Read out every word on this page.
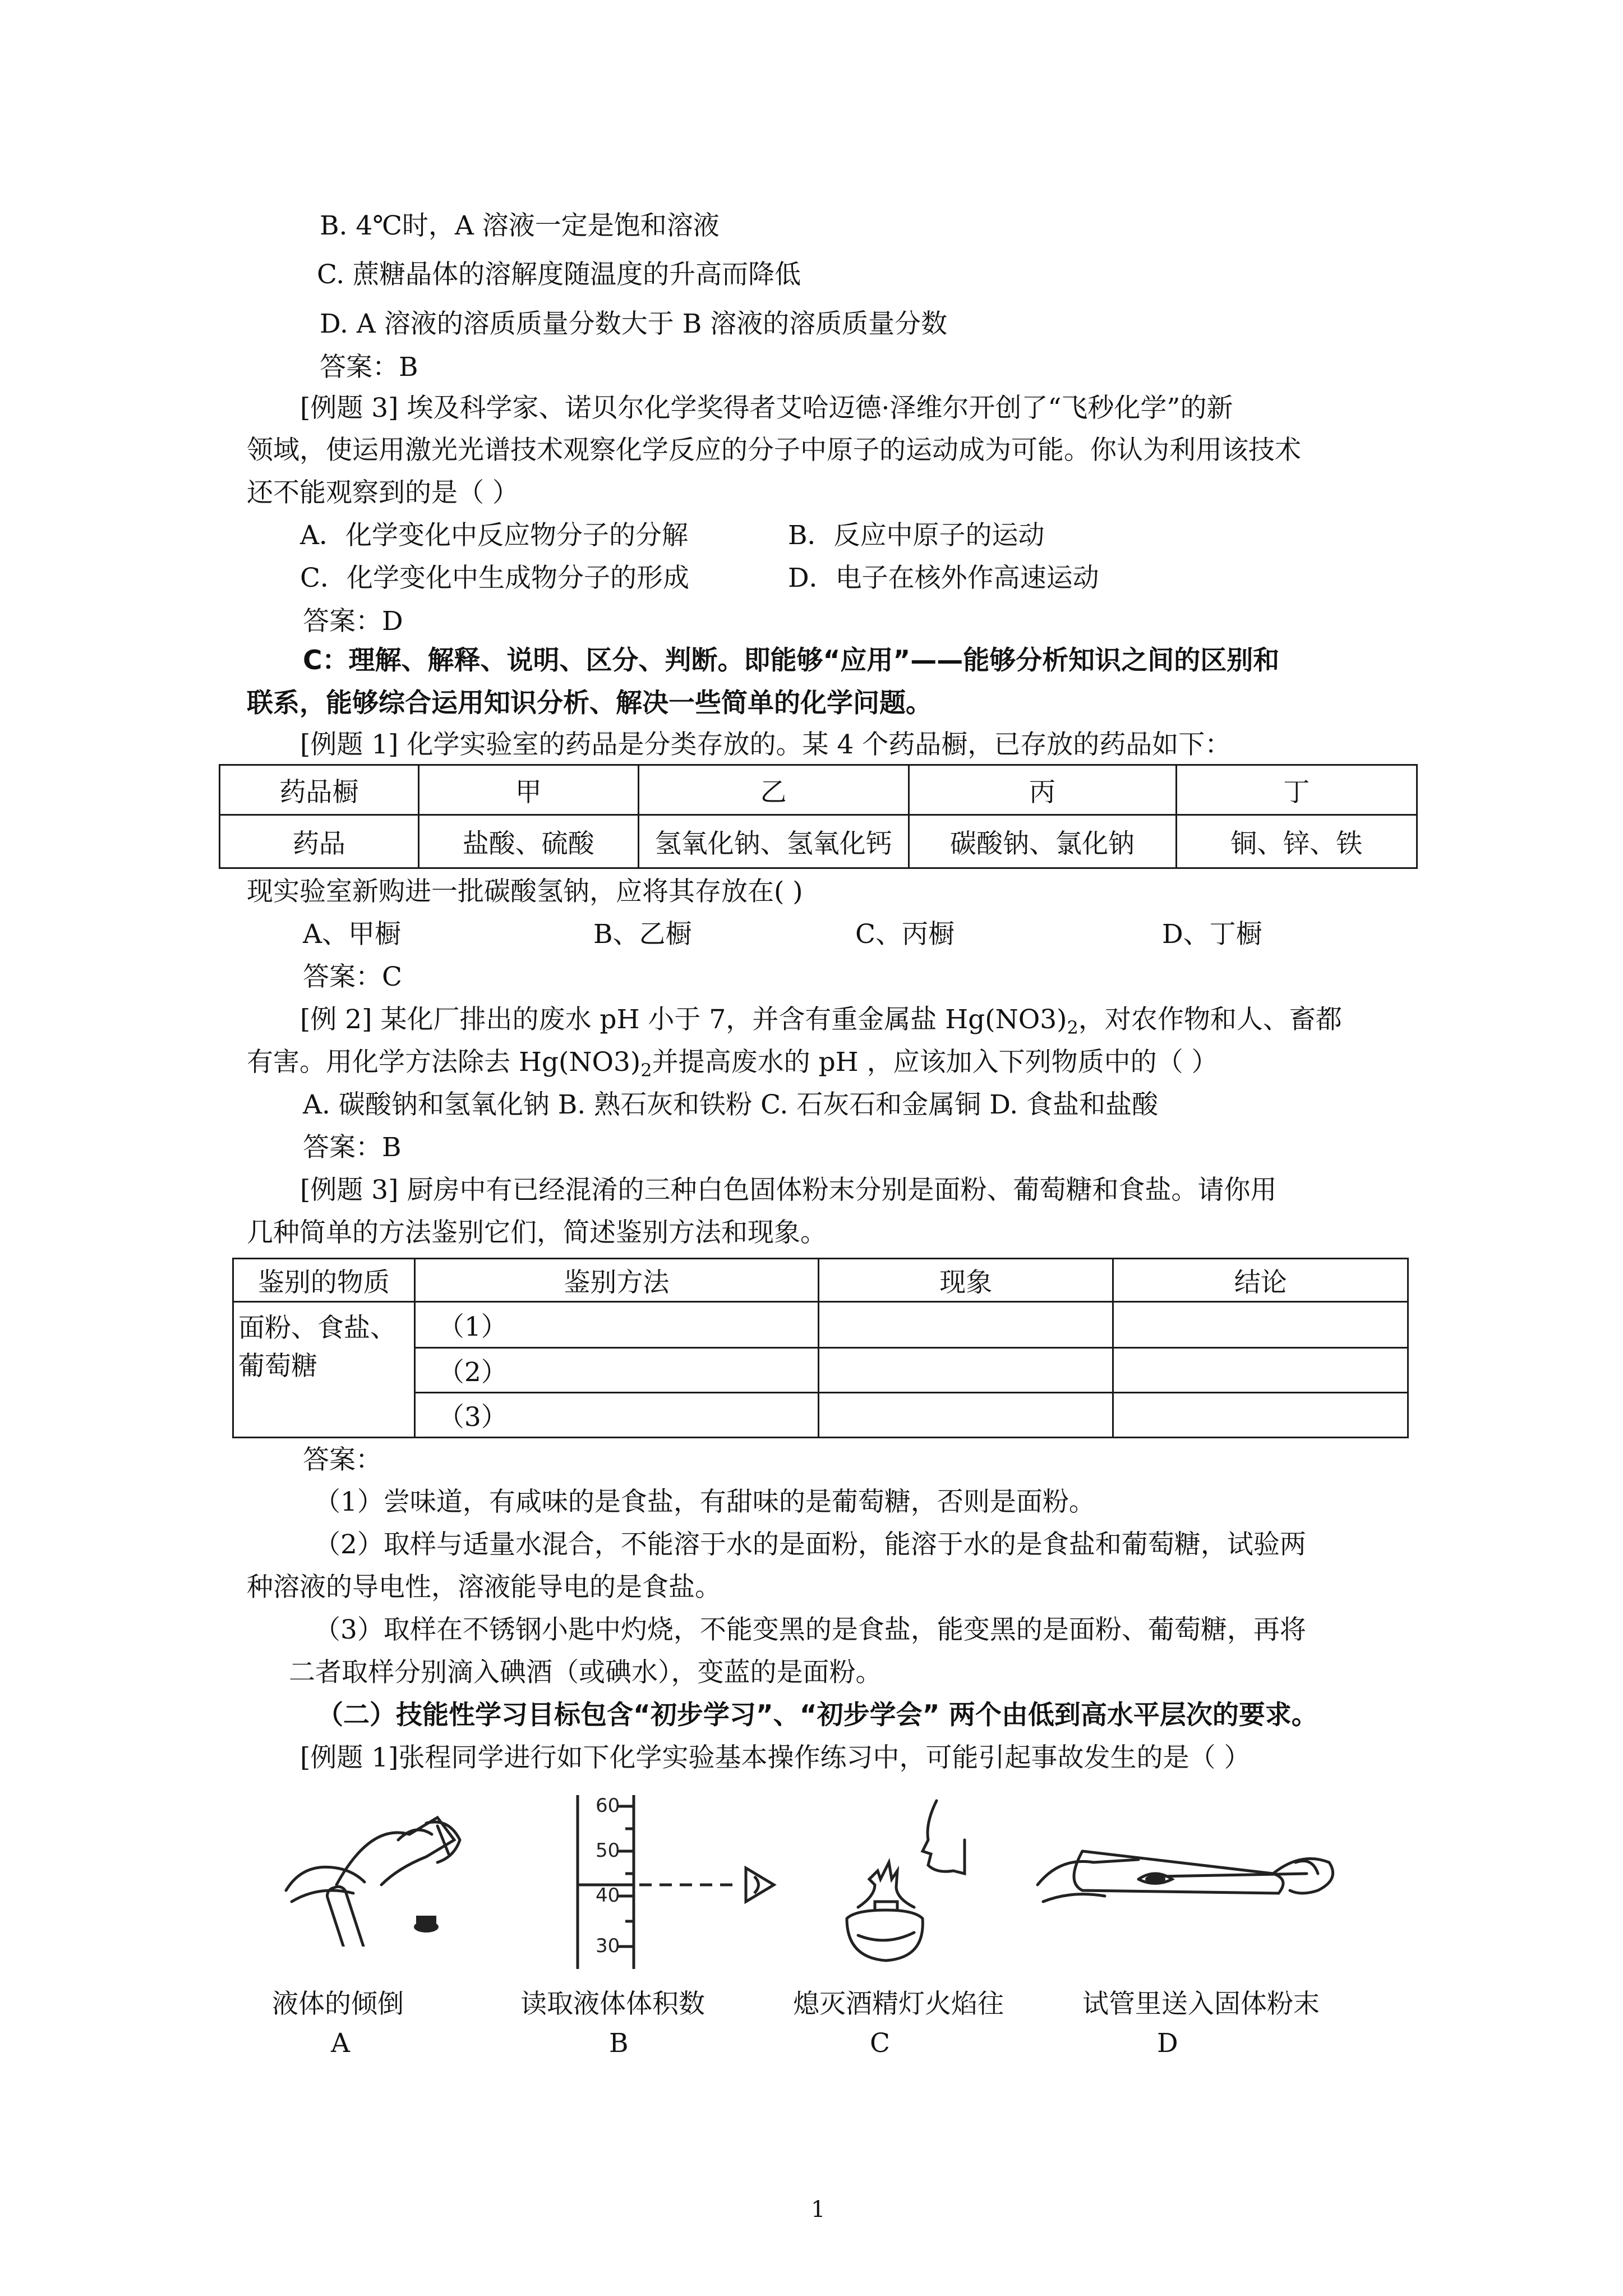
B. 4℃时，A 溶液一定是饱和溶液
C. 蔗糖晶体的溶解度随温度的升高而降低
D. A 溶液的溶质质量分数大于 B 溶液的溶质质量分数
答案：B
[例题 3] 埃及科学家、诺贝尔化学奖得者艾哈迈德·泽维尔开创了“飞秒化学”的新
领域，使运用激光光谱技术观察化学反应的分子中原子的运动成为可能。你认为利用该技术
还不能观察到的是（ ）
A．化学变化中反应物分子的分解	B．反应中原子的运动
C．化学变化中生成物分子的形成	D．电子在核外作高速运动
答案：D
C：理解、解释、说明、区分、判断。即能够“应用”——能够分析知识之间的区别和
联系，能够综合运用知识分析、解决一些简单的化学问题。
[例题 1] 化学实验室的药品是分类存放的。某 4 个药品橱，已存放的药品如下：
药品橱	甲	乙	丙	丁
药品	盐酸、硫酸	氢氧化钠、氢氧化钙	碳酸钠、氯化钠	铜、锌、铁
现实验室新购进一批碳酸氢钠，应将其存放在( )
A、甲橱	B、乙橱	C、丙橱	D、丁橱
答案：C
[例 2] 某化厂排出的废水 pH 小于 7，并含有重金属盐 $Hg(NO3)_2$，对农作物和人、畜都
有害。用化学方法除去 $Hg(NO3)_2$并提高废水的 pH ，应该加入下列物质中的（ ）
A. 碳酸钠和氢氧化钠 B. 熟石灰和铁粉 C. 石灰石和金属铜 D. 食盐和盐酸
答案：B
[例题 3] 厨房中有已经混淆的三种白色固体粉末分别是面粉、葡萄糖和食盐。请你用
几种简单的方法鉴别它们，简述鉴别方法和现象。
鉴别的物质	鉴别方法	现象	结论

面粉、食盐、
葡萄糖	（1）		
	（2）		
	（3）		
答案：
（1）尝味道，有咸味的是食盐，有甜味的是葡萄糖，否则是面粉。
（2）取样与适量水混合，不能溶于水的是面粉，能溶于水的是食盐和葡萄糖，试验两
种溶液的导电性，溶液能导电的是食盐。
（3）取样在不锈钢小匙中灼烧，不能变黑的是食盐，能变黑的是面粉、葡萄糖，再将
二者取样分别滴入碘酒（或碘水），变蓝的是面粉。
（二）技能性学习目标包含“初步学习”、“初步学会” 两个由低到高水平层次的要求。
[例题 1]张程同学进行如下化学实验基本操作练习中，可能引起事故发生的是（ ）
60
50
40
30
液体的倾倒	读取液体体积数	熄灭酒精灯火焰往	试管里送入固体粉末
A	B	C	D
1
